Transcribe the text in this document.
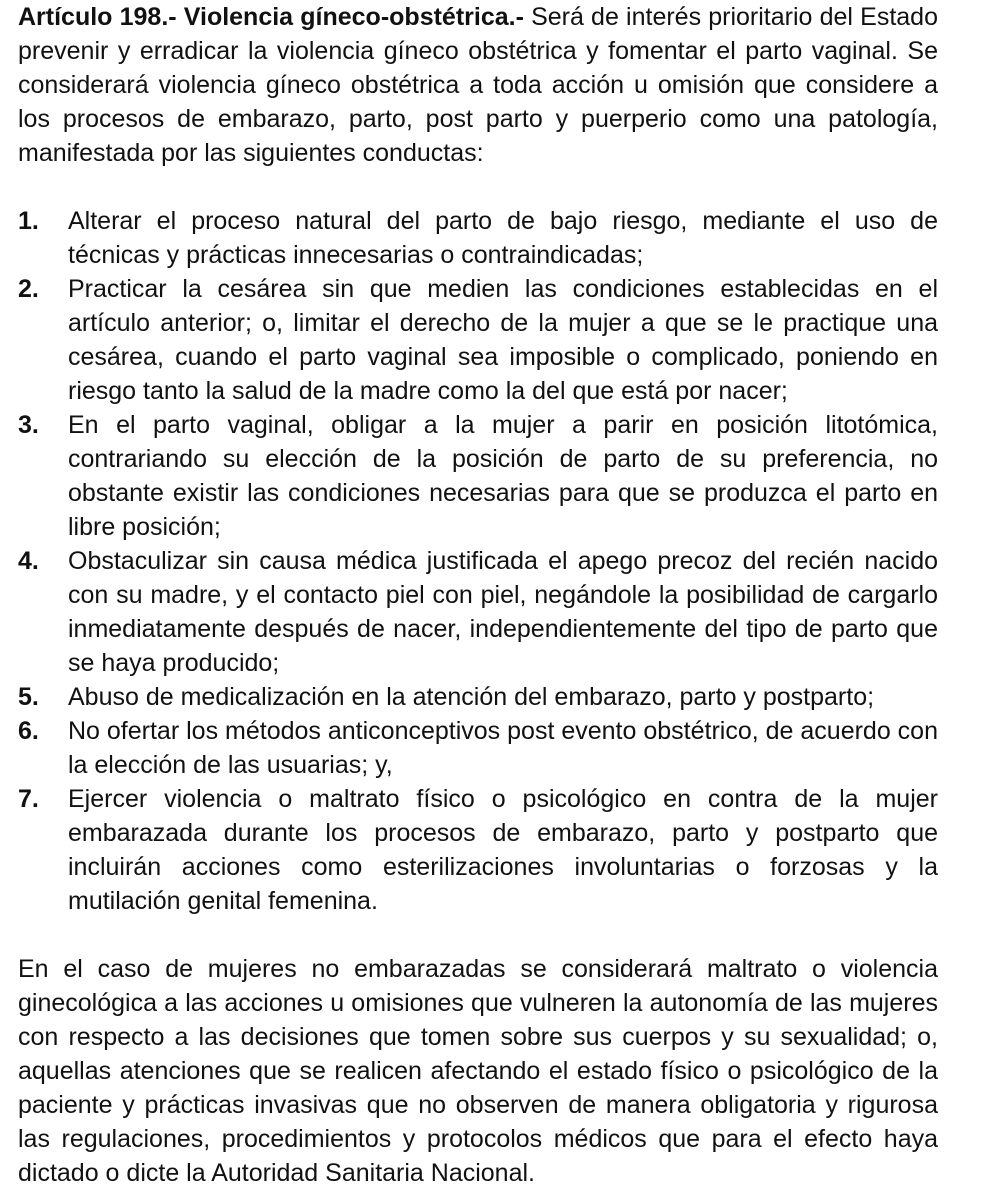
Artículo 198.- Violencia gíneco-obstétrica.- Será de interés prioritario del Estado prevenir y erradicar la violencia gíneco obstétrica y fomentar el parto vaginal. Se considerará violencia gíneco obstétrica a toda acción u omisión que considere a los procesos de embarazo, parto, post parto y puerperio como una patología, manifestada por las siguientes conductas:

1.	Alterar el proceso natural del parto de bajo riesgo, mediante el uso de técnicas y prácticas innecesarias o contraindicadas;
2.	Practicar la cesárea sin que medien las condiciones establecidas en el artículo anterior; o, limitar el derecho de la mujer a que se le practique una cesárea, cuando el parto vaginal sea imposible o complicado, poniendo en riesgo tanto la salud de la madre como la del que está por nacer;
3.	En el parto vaginal, obligar a la mujer a parir en posición litotómica, contrariando su elección de la posición de parto de su preferencia, no obstante existir las condiciones necesarias para que se produzca el parto en libre posición;
4.	Obstaculizar sin causa médica justificada el apego precoz del recién nacido con su madre, y el contacto piel con piel, negándole la posibilidad de cargarlo inmediatamente después de nacer, independientemente del tipo de parto que se haya producido;
5.	Abuso de medicalización en la atención del embarazo, parto y postparto;
6.	No ofertar los métodos anticonceptivos post evento obstétrico, de acuerdo con la elección de las usuarias; y,
7.	Ejercer violencia o maltrato físico o psicológico en contra de la mujer embarazada durante los procesos de embarazo, parto y postparto que incluirán acciones como esterilizaciones involuntarias o forzosas y la mutilación genital femenina.

En el caso de mujeres no embarazadas se considerará maltrato o violencia ginecológica a las acciones u omisiones que vulneren la autonomía de las mujeres con respecto a las decisiones que tomen sobre sus cuerpos y su sexualidad; o, aquellas atenciones que se realicen afectando el estado físico o psicológico de la paciente y prácticas invasivas que no observen de manera obligatoria y rigurosa las regulaciones, procedimientos y protocolos médicos que para el efecto haya dictado o dicte la Autoridad Sanitaria Nacional.
